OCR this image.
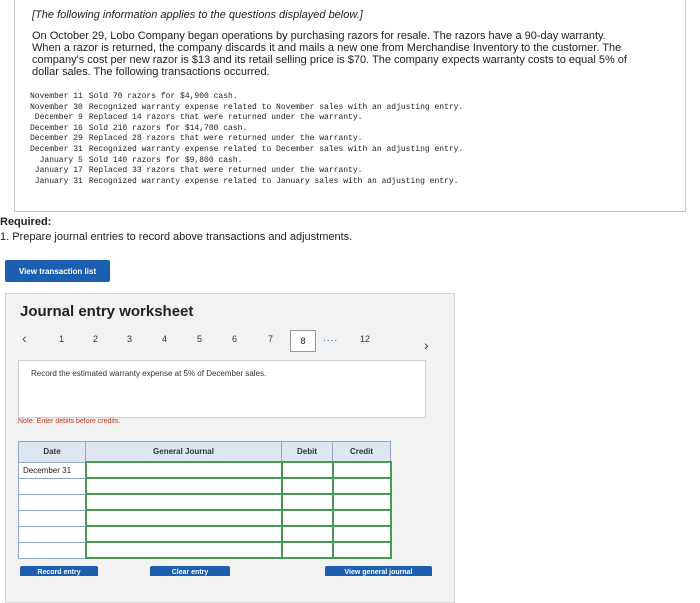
[The following information applies to the questions displayed below.]
On October 29, Lobo Company began operations by purchasing razors for resale. The razors have a 90-day warranty. When a razor is returned, the company discards it and mails a new one from Merchandise Inventory to the customer. The company's cost per new razor is $13 and its retail selling price is $70. The company expects warranty costs to equal 5% of dollar sales. The following transactions occurred.
November 11	Sold 70 razors for $4,900 cash.
November 30	Recognized warranty expense related to November sales with an adjusting entry.
December 9	Replaced 14 razors that were returned under the warranty.
December 16	Sold 210 razors for $14,700 cash.
December 29	Replaced 28 razors that were returned under the warranty.
December 31	Recognized warranty expense related to December sales with an adjusting entry.
January 5	Sold 140 razors for $9,800 cash.
January 17	Replaced 33 razors that were returned under the warranty.
January 31	Recognized warranty expense related to January sales with an adjusting entry.
Required:
1. Prepare journal entries to record above transactions and adjustments.
View transaction list
Journal entry worksheet
‹	1	2	3	4	5	6	7	8	.... 12	›
Record the estimated warranty expense at 5% of December sales.
Note: Enter debits before credits.
Date	General Journal	Debit	Credit
December 31			

Record entry	Clear entry	View general journal
